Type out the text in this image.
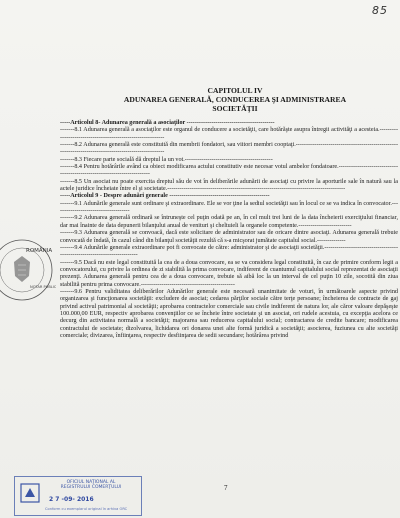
85
CAPITOLUL IV
ADUNAREA GENERALĂ, CONDUCEREA ŞI ADMINISTRAREA
SOCIETĂŢII

-----Articolul 8- Adunarea generală a asociaţilor -------------------------------------------

-------8.1 Adunarea generală a asociaţilor este organul de conducere a societăţii, care hotărăşte asupra întregii activităţi a acesteia.------------------------------------------------------------

-------8.2 Adunarea generală este constituită din membrii fondatori, sau viitori membri cooptaţi.-----------------------------------------------------------------------------------------------------

-------8.3 Fiecare parte socială dă dreptul la un vot.-------------------------------------------

-------8.4 Pentru hotărârile având ca obiect modificarea actului constitutiv este necesar votul ambelor fondatoare.-------------------------------------------------------------------------

-------8.5 Un asociat nu poate exercita dreptul său de vot în deliberările adunării de asociaţi cu privire la aporturile sale în natură sau la actele juridice încheiate între el şi societate.---------------------------------------------------------------------------------------

-----Articolul 9 - Despre adunări generale -------------------------------------------------

-------9.1 Adunările generale sunt ordinare şi extraordinare. Ele se vor ţine la sediul societăţii sau în locul ce se va indica în convocator.-------------------------------------

-------9.2 Adunarea generală ordinară se întruneşte cel puţin odată pe an, în cel mult trei luni de la data încheierii exerciţiului financiar, dar mai înainte de data depunerii bilanţului anual de venituri şi cheltuieli la organele competente.--------------------------

-------9.3 Adunarea generală se convoacă, dacă este solicitare de administrator sau de oricare dintre asociaţi. Adunarea generală trebuie convocată de îndată, în cazul când din bilanţul societăţii rezultă că s-a micşorat jumătate capitalul social.--------------

-------9.4 Adunările generale extraordinare pot fi convocate de către: administrator şi de asociaţii societăţii.--------------------------------------------------------------------------

-------9.5 Dacă nu este legal constituită la cea de a doua convocare, ea se va considera legal constituită, în caz de primire conform legii a convocatorului, cu privire la ordinea de zi stabilită la prima convocare, indiferent de cuantumul capitalului social reprezentat de asociaţii prezenţi. Adunarea generală pentru cea de a doua convocare, trebuie să aibă loc la un interval de cel puţin 10 zile, socotită din ziua stabilită pentru prima convocare.----------------------------------------------

-------9.6 Pentru validitatea deliberărilor Adunărilor generale este necesară unanimitate de voturi, în următoarele aspecte privind organizarea şi funcţionarea societăţii: excludere de asociat; cedarea părţilor sociale către terţe persoane; încheierea de contracte de gaj privind activul patrimonial al societăţii; aprobarea contractelor comerciale sau civile indiferent de natura lor, ale căror valoare depăşeşte 100.000,00 EUR, respectiv aprobarea convenţiilor ce se încheie între societate şi un asociat, ori rudele acestuia, cu excepţia acelora ce decurg din activitatea normală a societăţii; majorarea sau reducerea capitalului social; contractarea de credite bancare; modificarea contractului de societate; dizolvarea, lichidarea ori donarea unei alte formă juridică a societăţii; asocierea, fuziunea cu alte societăţi comerciale; divizarea, înfiinţarea, respectiv desfiinţarea de sedii secundare; hotărârea privind

ROMÂNIA
NOTAR PUBLIC
7
OFICIUL NAŢIONAL AL
REGISTRULUI COMERŢULUI
2 7 -09- 2016
Conform cu exemplarul original în arhiva ORC
